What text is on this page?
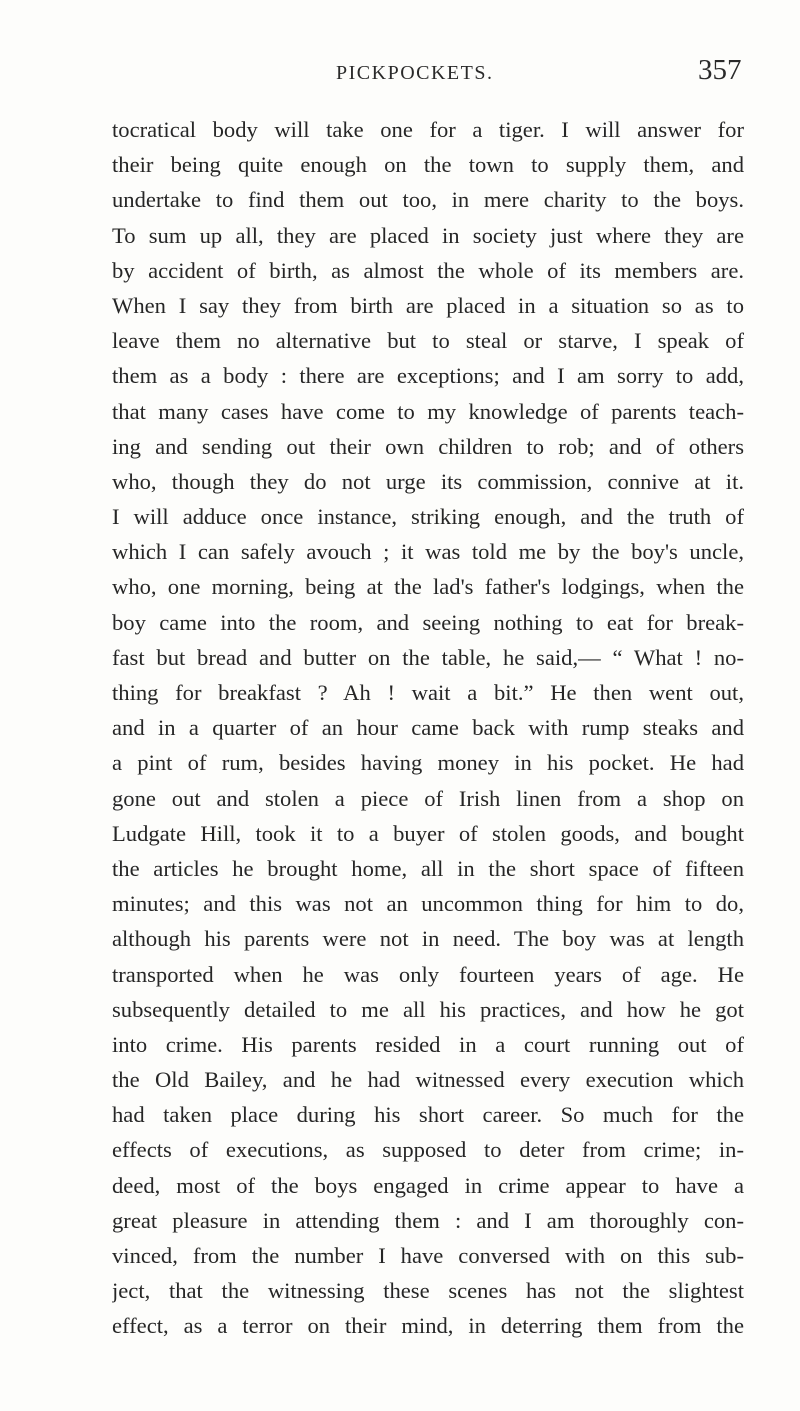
PICKPOCKETS.	357
tocratical body will take one for a tiger. I will answer for
their being quite enough on the town to supply them, and
undertake to find them out too, in mere charity to the boys.
To sum up all, they are placed in society just where they are
by accident of birth, as almost the whole of its members are.
When I say they from birth are placed in a situation so as to
leave them no alternative but to steal or starve, I speak of
them as a body : there are exceptions; and I am sorry to add,
that many cases have come to my knowledge of parents teach-
ing and sending out their own children to rob; and of others
who, though they do not urge its commission, connive at it.
I will adduce once instance, striking enough, and the truth of
which I can safely avouch ; it was told me by the boy's uncle,
who, one morning, being at the lad's father's lodgings, when the
boy came into the room, and seeing nothing to eat for break-
fast but bread and butter on the table, he said,— “ What ! no-
thing for breakfast ? Ah ! wait a bit.” He then went out,
and in a quarter of an hour came back with rump steaks and
a pint of rum, besides having money in his pocket. He had
gone out and stolen a piece of Irish linen from a shop on
Ludgate Hill, took it to a buyer of stolen goods, and bought
the articles he brought home, all in the short space of fifteen
minutes; and this was not an uncommon thing for him to do,
although his parents were not in need. The boy was at length
transported when he was only fourteen years of age. He
subsequently detailed to me all his practices, and how he got
into crime. His parents resided in a court running out of
the Old Bailey, and he had witnessed every execution which
had taken place during his short career. So much for the
effects of executions, as supposed to deter from crime; in-
deed, most of the boys engaged in crime appear to have a
great pleasure in attending them : and I am thoroughly con-
vinced, from the number I have conversed with on this sub-
ject, that the witnessing these scenes has not the slightest
effect, as a terror on their mind, in deterring them from the
